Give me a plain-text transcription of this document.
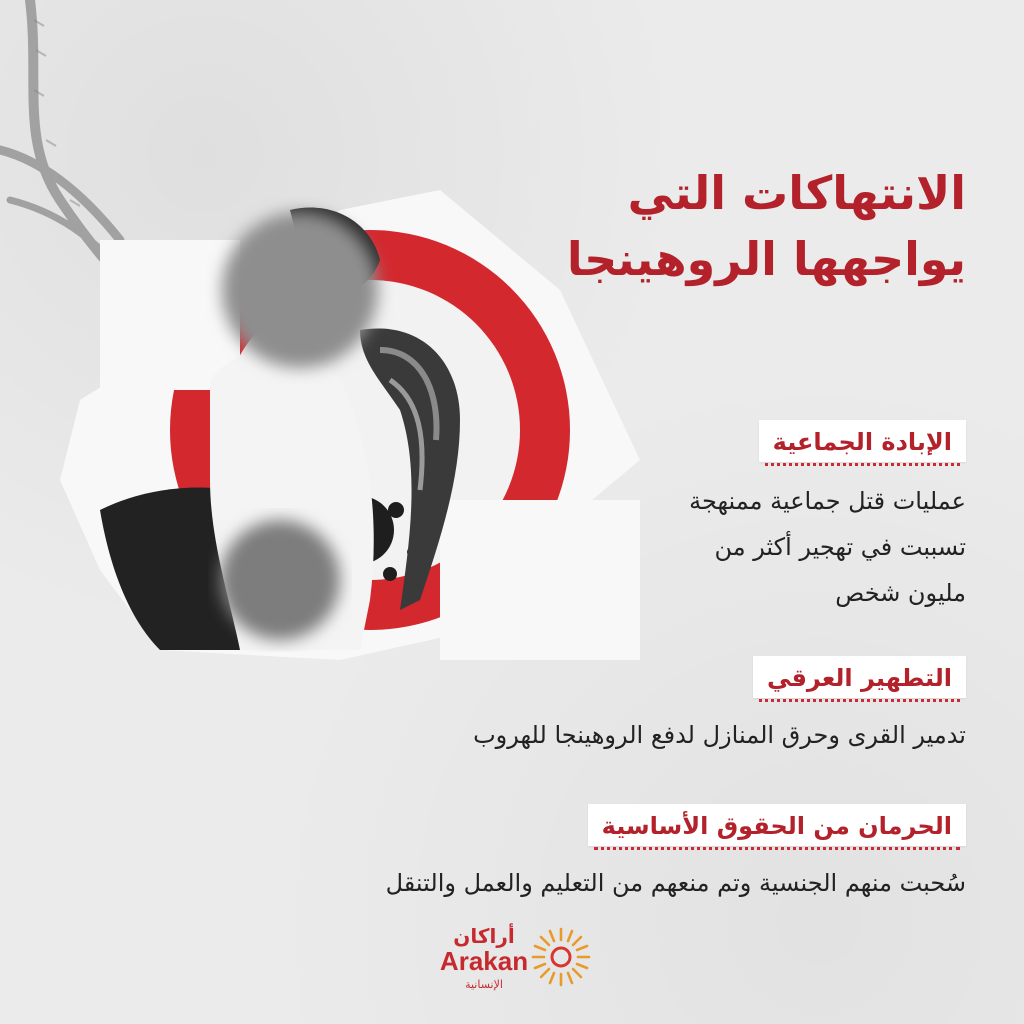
الانتهاكات التي
يواجهها الروهينجا
الإبادة الجماعية

عمليات قتل جماعية ممنهجة
تسببت في تهجير أكثر من
مليون شخص

التطهير العرقي

تدمير القرى وحرق المنازل لدفع الروهينجا للهروب

الحرمان من الحقوق الأساسية

سُحبت منهم الجنسية وتم منعهم من التعليم والعمل والتنقل

أراكان

Arakan

الإنسانية
